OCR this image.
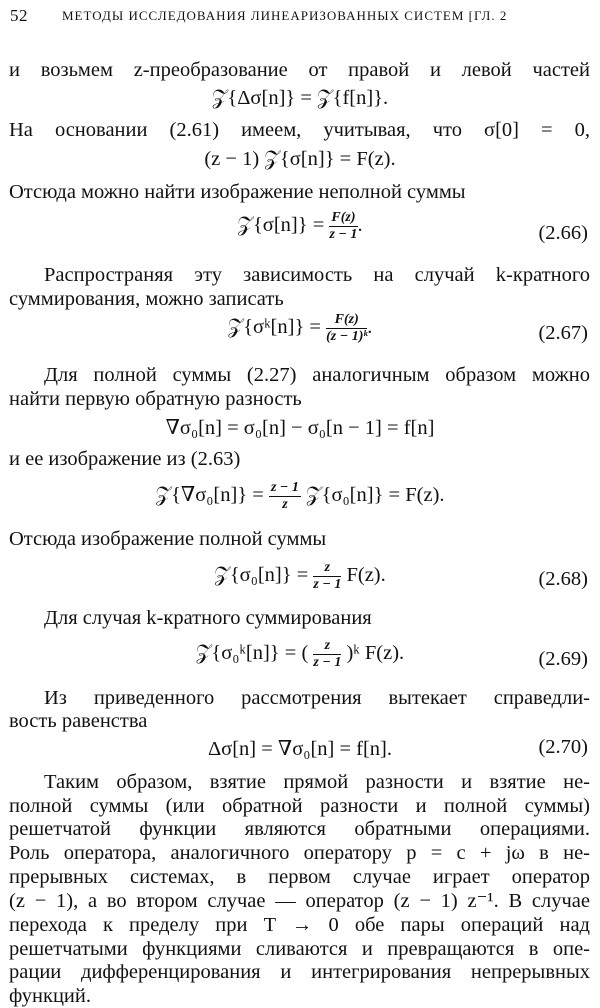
52	МЕТОДЫ ИССЛЕДОВАНИЯ ЛИНЕАРИЗОВАННЫХ СИСТЕМ [ГЛ. 2
и возьмем z-преобразование от правой и левой частей
𝒵{Δσ[n]} = 𝒵{f[n]}.
На основании (2.61) имеем, учитывая, что σ[0] = 0,
(z − 1) 𝒵{σ[n]} = F(z).
Отсюда можно найти изображение неполной суммы
𝒵{σ[n]} = $\frac{F(z)}{z - 1}$ .	(2.66)
Распространяя эту зависимость на случай k-кратного
суммирования, можно записать
𝒵{σᵏ[n]} = $\frac{F(z)}{\text{(z − 1)ᵏ}}$ .	(2.67)
Для полной суммы (2.27) аналогичным образом можно
найти первую обратную разность
∇σ₀[n] = σ₀[n] − σ₀[n − 1] = f[n]
и ее изображение из (2.63)
𝒵{∇σ₀[n]} = $\frac{z - 1}{z}$ 𝒵{σ₀[n]} = F(z).
Отсюда изображение полной суммы
𝒵{σ₀[n]} = $\frac{z}{z - 1} F(z)$.	(2.68)
Для случая k-кратного суммирования
𝒵{σ₀ᵏ[n]} = ( $\frac{z}{z - 1}$ )ᵏ F(z).	(2.69)
Из приведенного рассмотрения вытекает справедли-
вость равенства
Δσ[n] = ∇σ₀[n] = f[n].	(2.70)
Таким образом, взятие прямой разности и взятие не-
полной суммы (или обратной разности и полной суммы)
решетчатой функции являются обратными операциями.
Роль оператора, аналогичного оператору p = c + jω в не-
прерывных системах, в первом случае играет оператор
(z − 1), а во втором случае — оператор (z − 1) z⁻¹. В случае
перехода к пределу при T → 0 обе пары операций над
решетчатыми функциями сливаются и превращаются в опе-
рации дифференцирования и интегрирования непрерывных
функций.
